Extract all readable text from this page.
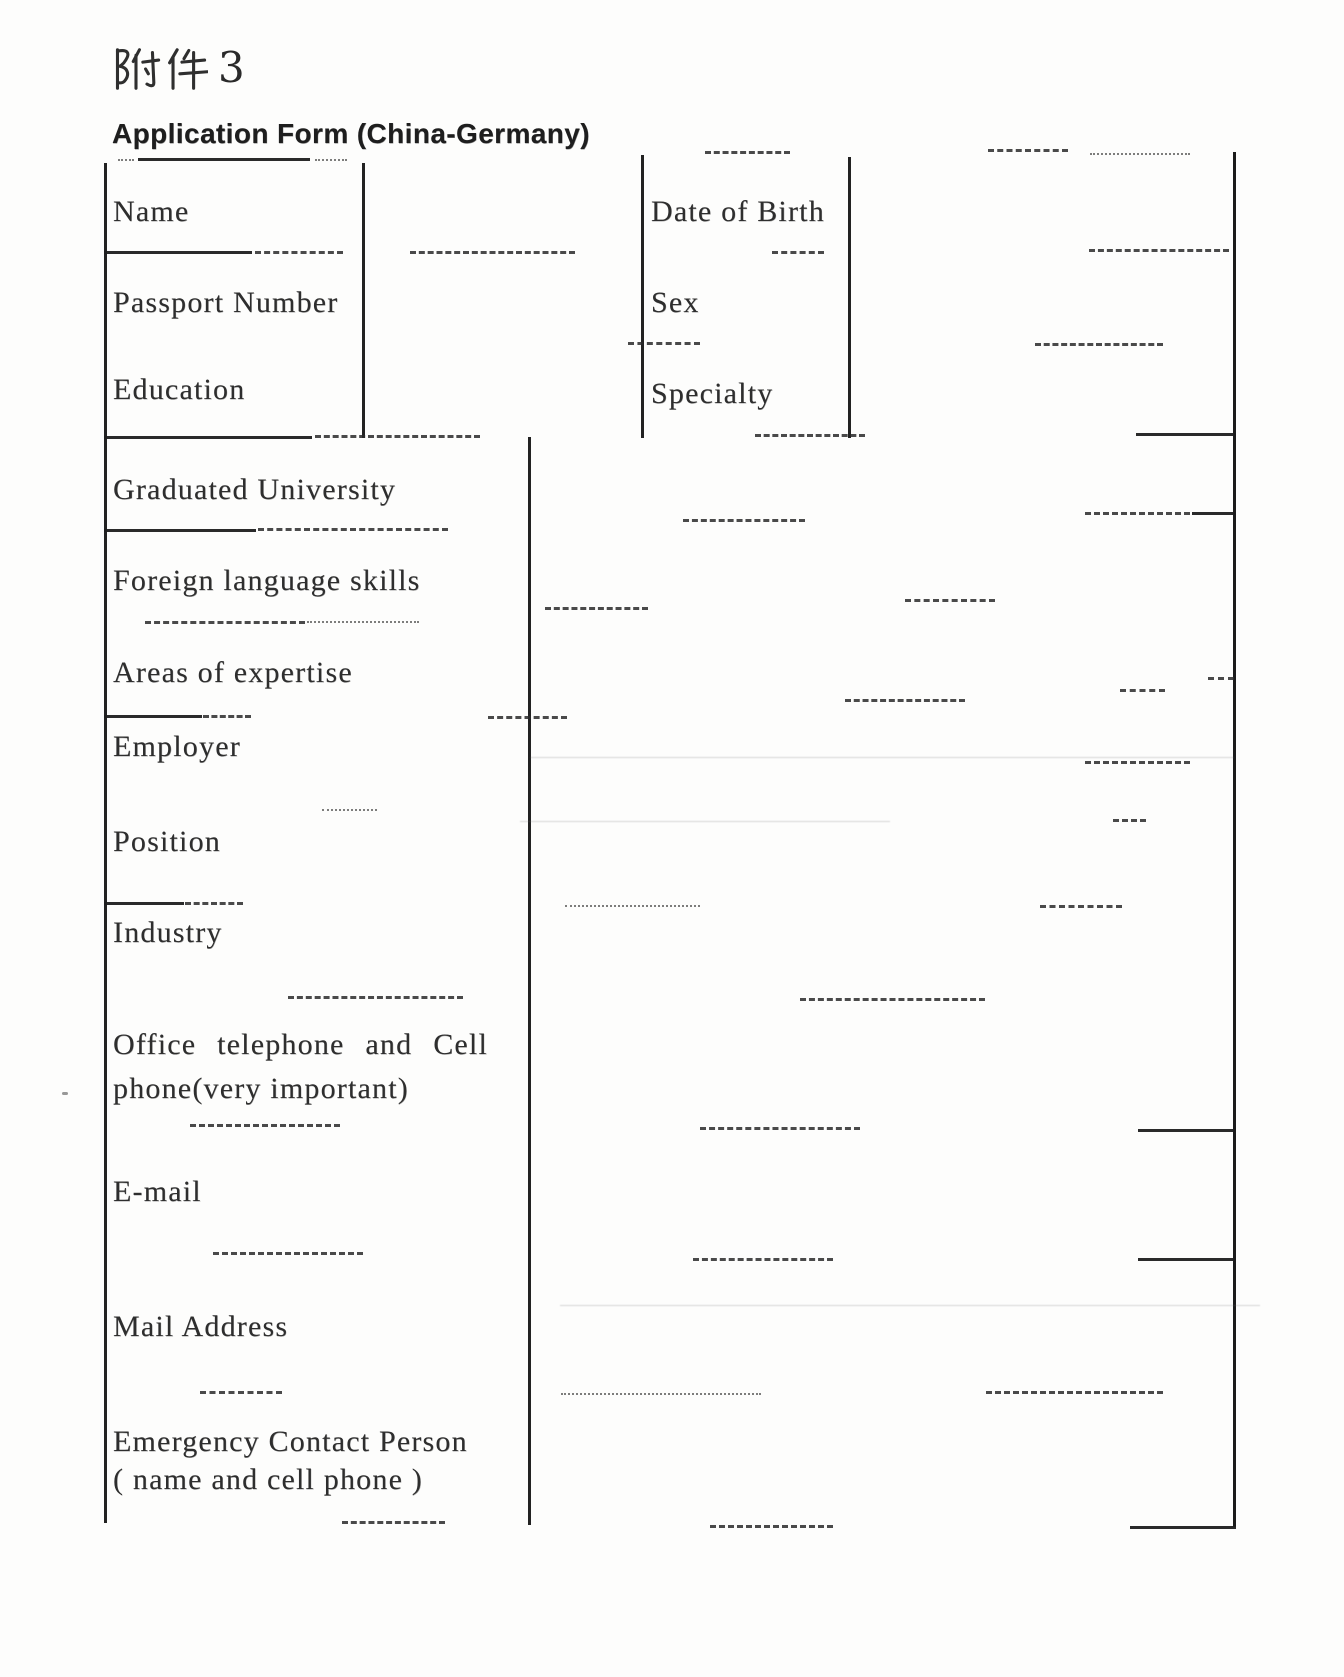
3
Application Form (China-Germany)
Name
Passport Number
Education
Date of Birth
Sex
Specialty
Graduated University
Foreign language skills
Areas of expertise
Employer
Position
Industry
Office telephone and Cell
phone(very important)
E-mail
Mail Address
Emergency Contact Person
( name and cell phone )
